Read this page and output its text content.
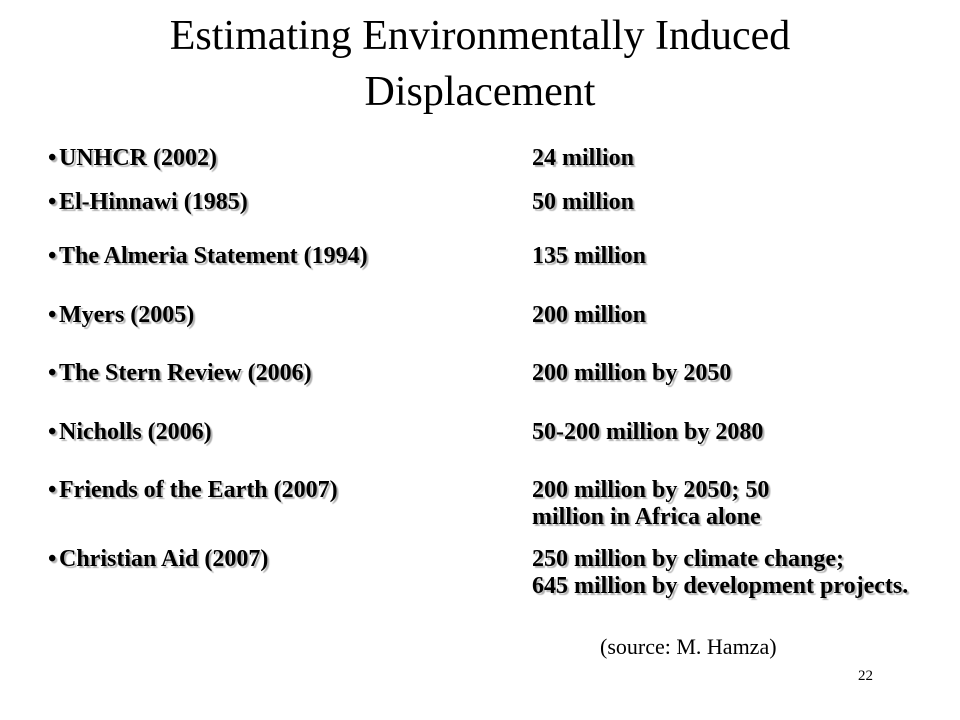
Estimating Environmentally Induced
Displacement
• UNHCR (2002)	24 million
• El-Hinnawi (1985)	50 million
• The Almeria Statement (1994)	135 million
• Myers (2005)	200 million
• The Stern Review (2006)	200 million by 2050
• Nicholls (2006)	50-200 million by 2080
• Friends of the Earth (2007)	200 million by 2050; 50
million in Africa alone
• Christian Aid (2007)	250 million by climate change;
645 million by development projects.
(source: M. Hamza)
22
